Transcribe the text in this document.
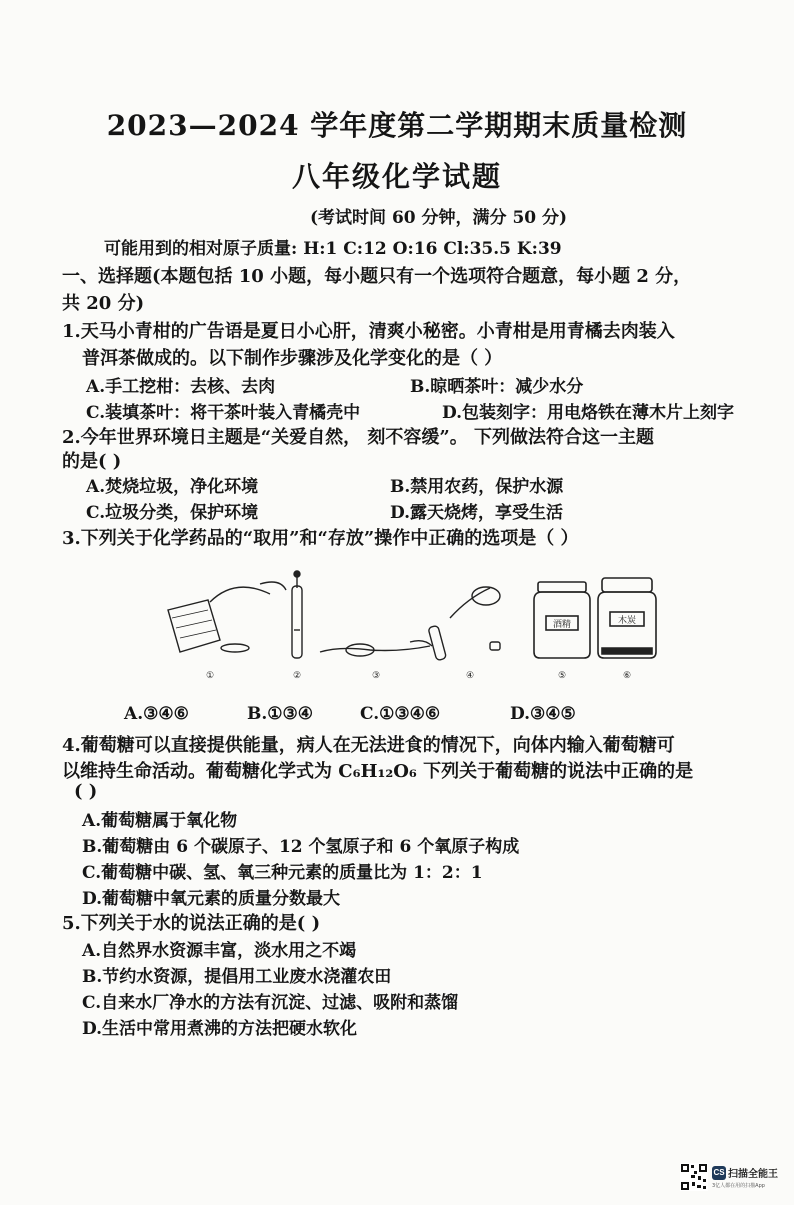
2023—2024 学年度第二学期期末质量检测
八年级化学试题
(考试时间 60 分钟，满分 50 分)
可能用到的相对原子质量: H:1 C:12 O:16 Cl:35.5 K:39
一、选择题(本题包括 10 小题，每小题只有一个选项符合题意，每小题 2 分，
共 20 分)
1.天马小青柑的广告语是夏日小心肝，清爽小秘密。小青柑是用青橘去肉装入
普洱茶做成的。以下制作步骤涉及化学变化的是（ ）
A.手工挖柑：去核、去肉	B.晾晒茶叶：减少水分
C.装填茶叶：将干茶叶装入青橘壳中	D.包装刻字：用电烙铁在薄木片上刻字
2.今年世界环境日主题是“关爱自然， 刻不容缓”。 下列做法符合这一主题
的是( )
A.焚烧垃圾，净化环境	B.禁用农药，保护水源
C.垃圾分类，保护环境	D.露天烧烤，享受生活
3.下列关于化学药品的“取用”和“存放”操作中正确的选项是（ ）
酒精	木炭
①	②	③	④	⑤	⑥
A.③④⑥	B.①③④	C.①③④⑥	D.③④⑤
4.葡萄糖可以直接提供能量，病人在无法进食的情况下，向体内输入葡萄糖可
以维持生命活动。葡萄糖化学式为 C₆H₁₂O₆ 下列关于葡萄糖的说法中正确的是
( )
A.葡萄糖属于氧化物
B.葡萄糖由 6 个碳原子、12 个氢原子和 6 个氧原子构成
C.葡萄糖中碳、氢、氧三种元素的质量比为 1：2：1
D.葡萄糖中氧元素的质量分数最大
5.下列关于水的说法正确的是( )
A.自然界水资源丰富，淡水用之不竭
B.节约水资源，提倡用工业废水浇灌农田
C.自来水厂净水的方法有沉淀、过滤、吸附和蒸馏
D.生活中常用煮沸的方法把硬水软化
CS 扫描全能王
3亿人都在用的扫描App
